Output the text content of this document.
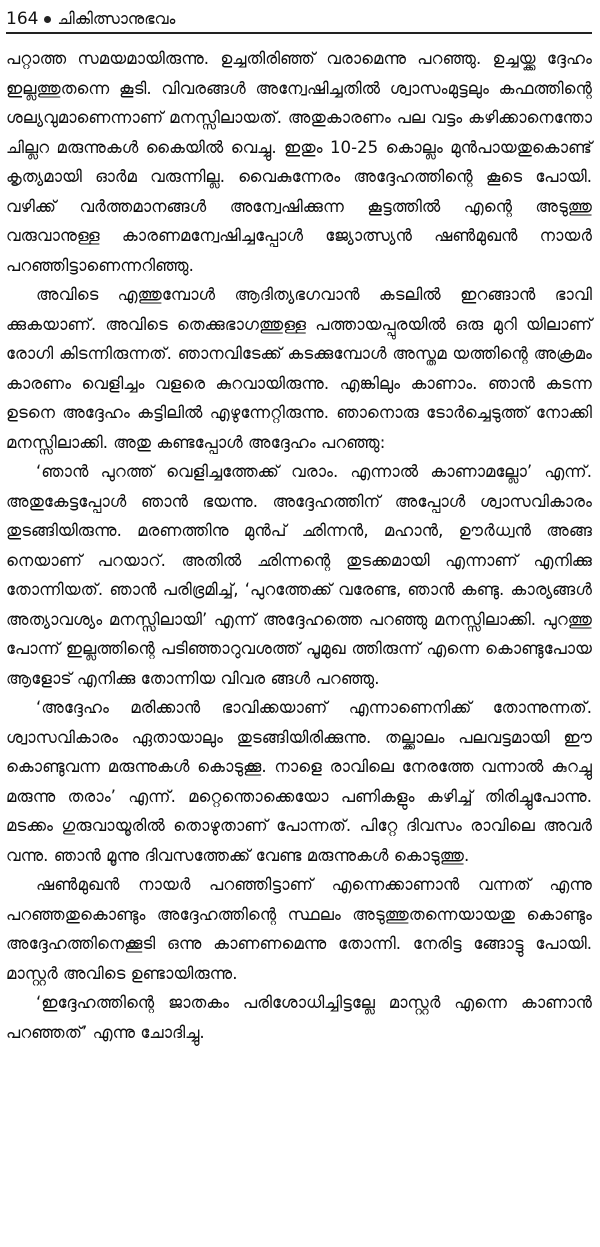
164 ചികിത്സാനുഭവം

പറ്റാത്ത സമയമായിരുന്നു. ഉച്ചതിരിഞ്ഞ് വരാമെന്നു പറഞ്ഞു. ഉച്ചയ്ക്ക ദ്ദേഹം ഇല്ലത്തുതന്നെ കൂടി. വിവരങ്ങൾ അന്വേഷിച്ചതിൽ ശ്വാസംമുട്ടലും കഫത്തിന്റെ ശല്യവുമാണെന്നാണ് മനസ്സിലായത്. അതുകാരണം പല വട്ടം കഴിക്കാനെന്തോ ചില്ലറ മരുന്നുകൾ കൈയിൽ വെച്ചു. ഇതും 10-25 കൊല്ലം മുൻപായതുകൊണ്ട് കൃത്യമായി ഓർമ വരുന്നില്ല. വൈകുന്നേരം അദ്ദേഹത്തിന്റെ കൂടെ പോയി. വഴിക്ക് വർത്തമാനങ്ങൾ അന്വേഷിക്കുന്ന കൂട്ടത്തിൽ എന്റെ അടുത്തു വരുവാനുള്ള കാരണമന്വേഷിച്ചപ്പോൾ ജ്യോത്സ്യൻ ഷൺമുഖൻ നായർ പറഞ്ഞിട്ടാണെന്നറിഞ്ഞു.

അവിടെ എത്തുമ്പോൾ ആദിത്യഭഗവാൻ കടലിൽ ഇറങ്ങാൻ ഭാവി ക്കുകയാണ്. അവിടെ തെക്കുഭാഗത്തുള്ള പത്തായപ്പുരയിൽ ഒരു മുറി യിലാണ് രോഗി കിടന്നിരുന്നത്. ഞാനവിടേക്ക് കടക്കുമ്പോൾ അസ്തമ യത്തിന്റെ അക്രമം കാരണം വെളിച്ചം വളരെ കുറവായിരുന്നു. എങ്കിലും കാണാം. ഞാൻ കടന്ന ഉടനെ അദ്ദേഹം കട്ടിലിൽ എഴുന്നേറ്റിരുന്നു. ഞാനൊരു ടോർച്ചെടുത്ത് നോക്കി മനസ്സിലാക്കി. അതു കണ്ടപ്പോൾ അദ്ദേഹം പറഞ്ഞു:

‘ഞാൻ പുറത്ത് വെളിച്ചത്തേക്ക് വരാം. എന്നാൽ കാണാമല്ലോ’ എന്ന്. അതുകേട്ടപ്പോൾ ഞാൻ ഭയന്നു. അദ്ദേഹത്തിന് അപ്പോൾ ശ്വാസവികാരം തുടങ്ങിയിരുന്നു. മരണത്തിനു മുൻപ് ഛിന്നൻ, മഹാൻ, ഊർധ്വൻ അങ്ങ നെയാണ് പറയാറ്. അതിൽ ഛിന്നന്റെ തുടക്കമായി എന്നാണ് എനിക്കു തോന്നിയത്. ഞാൻ പരിഭ്രമിച്ച്, ‘പുറത്തേക്ക് വരേണ്ട, ഞാൻ കണ്ടു. കാര്യങ്ങൾ അത്യാവശ്യം മനസ്സിലായി’ എന്ന് അദ്ദേഹത്തെ പറഞ്ഞു മനസ്സിലാക്കി. പുറത്തു പോന്ന് ഇല്ലത്തിന്റെ പടിഞ്ഞാറുവശത്ത് പൂമുഖ ത്തിരുന്ന് എന്നെ കൊണ്ടുപോയ ആളോട് എനിക്കു തോന്നിയ വിവര ങ്ങൾ പറഞ്ഞു.

‘അദ്ദേഹം മരിക്കാൻ ഭാവിക്കയാണ് എന്നാണെനിക്ക് തോന്നുന്നത്. ശ്വാസവികാരം ഏതായാലും തുടങ്ങിയിരിക്കുന്നു. തല്ക്കാലം പലവട്ടമായി ഈ കൊണ്ടുവന്ന മരുന്നുകൾ കൊടുക്കൂ. നാളെ രാവിലെ നേരത്തേ വന്നാൽ കുറച്ചു മരുന്നു തരാം’ എന്ന്. മറ്റെന്തൊക്കെയോ പണികളും കഴിച്ച് തിരിച്ചുപോന്നു. മടക്കം ഗുരുവായൂരിൽ തൊഴുതാണ് പോന്നത്. പിറ്റേ ദിവസം രാവിലെ അവർ വന്നു. ഞാൻ മൂന്നു ദിവസത്തേക്ക് വേണ്ട മരുന്നുകൾ കൊടുത്തു.

ഷൺമുഖൻ നായർ പറഞ്ഞിട്ടാണ് എന്നെക്കാണാൻ വന്നത് എന്നു പറഞ്ഞതുകൊണ്ടും അദ്ദേഹത്തിന്റെ സ്ഥലം അടുത്തുതന്നെയായതു കൊണ്ടും അദ്ദേഹത്തിനെക്കൂടി ഒന്നു കാണണമെന്നു തോന്നി. നേരിട്ട ങ്ങോട്ടു പോയി. മാസ്റ്റർ അവിടെ ഉണ്ടായിരുന്നു.

‘ഇദ്ദേഹത്തിന്റെ ജാതകം പരിശോധിച്ചിട്ടല്ലേ മാസ്റ്റർ എന്നെ കാണാൻ പറഞ്ഞത്’ എന്നു ചോദിച്ചു.
